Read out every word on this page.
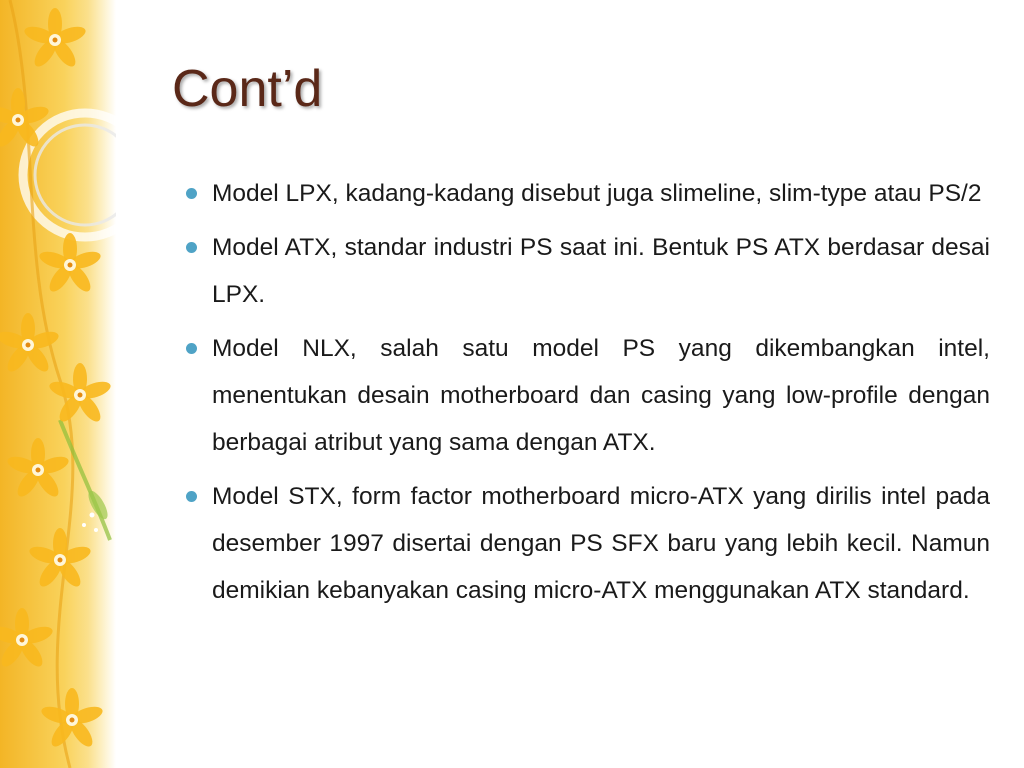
Cont’d
Model LPX, kadang-kadang disebut juga slimeline, slim-type atau PS/2
Model ATX, standar industri PS saat ini. Bentuk PS ATX berdasar desai LPX.
Model NLX, salah satu model PS yang dikembangkan intel, menentukan desain motherboard dan casing yang low-profile dengan berbagai atribut yang sama dengan ATX.
Model STX, form factor motherboard micro-ATX yang dirilis intel pada desember 1997 disertai dengan PS SFX baru yang lebih kecil. Namun demikian kebanyakan casing micro-ATX menggunakan ATX standard.
